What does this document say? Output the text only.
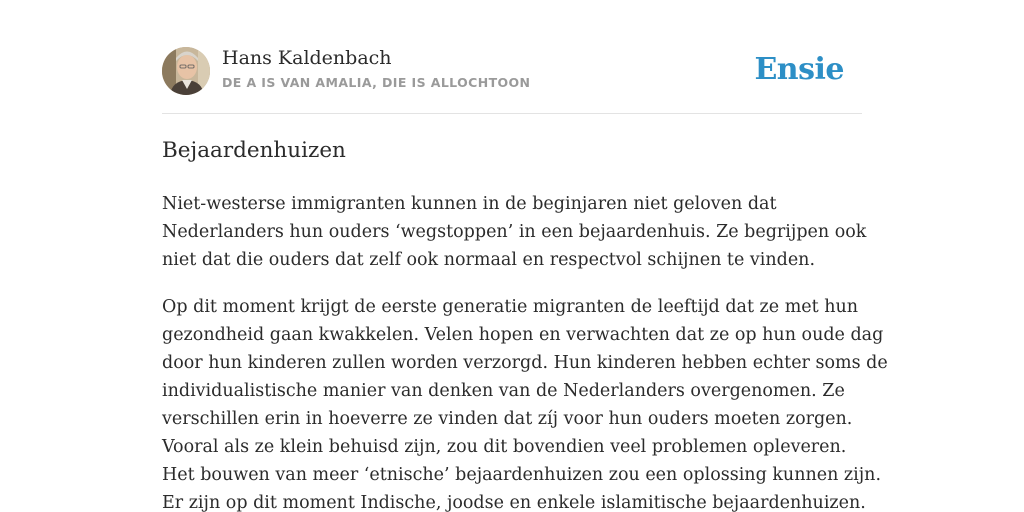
Hans Kaldenbach
DE A IS VAN AMALIA, DIE IS ALLOCHTOON	Ensie
Bejaardenhuizen

Niet-westerse immigranten kunnen in de beginjaren niet geloven dat
Nederlanders hun ouders ‘wegstoppen’ in een bejaardenhuis. Ze begrijpen ook
niet dat die ouders dat zelf ook normaal en respectvol schijnen te vinden.

Op dit moment krijgt de eerste generatie migranten de leeftijd dat ze met hun
gezondheid gaan kwakkelen. Velen hopen en verwachten dat ze op hun oude dag
door hun kinderen zullen worden verzorgd. Hun kinderen hebben echter soms de
individualistische manier van denken van de Nederlanders overgenomen. Ze
verschillen erin in hoeverre ze vinden dat zíj voor hun ouders moeten zorgen.
Vooral als ze klein behuisd zijn, zou dit bovendien veel problemen opleveren.
Het bouwen van meer ‘etnische’ bejaardenhuizen zou een oplossing kunnen zijn.
Er zijn op dit moment Indische, joodse en enkele islamitische bejaardenhuizen.
